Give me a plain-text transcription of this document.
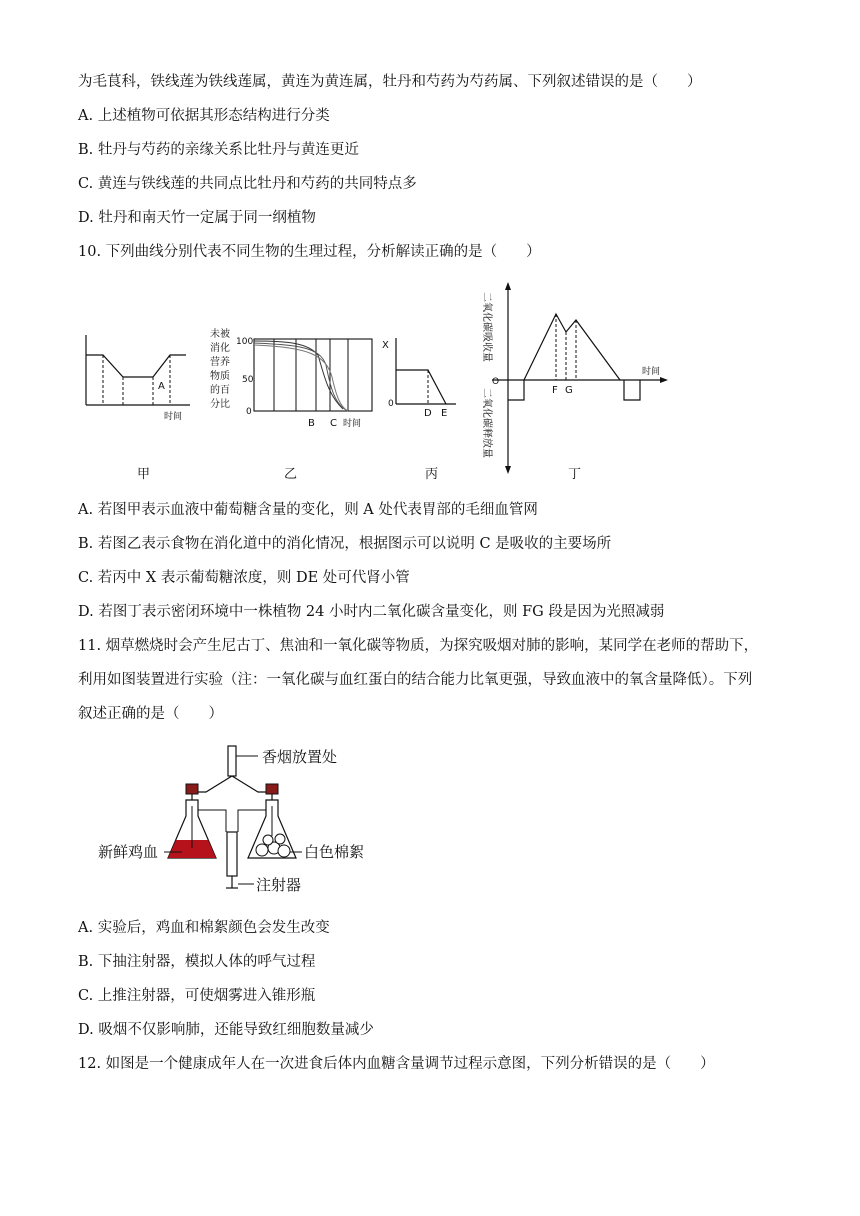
为毛茛科，铁线莲为铁线莲属，黄连为黄连属，牡丹和芍药为芍药属、下列叙述错误的是（　　）
A. 上述植物可依据其形态结构进行分类
B. 牡丹与芍药的亲缘关系比牡丹与黄连更近
C. 黄连与铁线莲的共同点比牡丹和芍药的共同特点多
D. 牡丹和南天竹一定属于同一纲植物
10. 下列曲线分别代表不同生物的生理过程，分析解读正确的是（　　）
A
时间
甲
未被
消化
营养
物质
的百
分比
100
50
0
B C 时间
乙
X
0
D E
丙
二氧化碳吸收量
二氧化碳释放量
O
F G
时间
丁
A. 若图甲表示血液中葡萄糖含量的变化，则 A 处代表胃部的毛细血管网
B. 若图乙表示食物在消化道中的消化情况，根据图示可以说明 C 是吸收的主要场所
C. 若丙中 X 表示葡萄糖浓度，则 DE 处可代肾小管
D. 若图丁表示密闭环境中一株植物 24 小时内二氧化碳含量变化，则 FG 段是因为光照减弱
11. 烟草燃烧时会产生尼古丁、焦油和一氧化碳等物质，为探究吸烟对肺的影响，某同学在老师的帮助下，
利用如图装置进行实验（注：一氧化碳与血红蛋白的结合能力比氧更强，导致血液中的氧含量降低）。下列
叙述正确的是（　　）
香烟放置处
注射器
新鲜鸡血	白色棉絮
A. 实验后，鸡血和棉絮颜色会发生改变
B. 下抽注射器，模拟人体的呼气过程
C. 上推注射器，可使烟雾进入锥形瓶
D. 吸烟不仅影响肺，还能导致红细胞数量减少
12. 如图是一个健康成年人在一次进食后体内血糖含量调节过程示意图，下列分析错误的是（　　）
